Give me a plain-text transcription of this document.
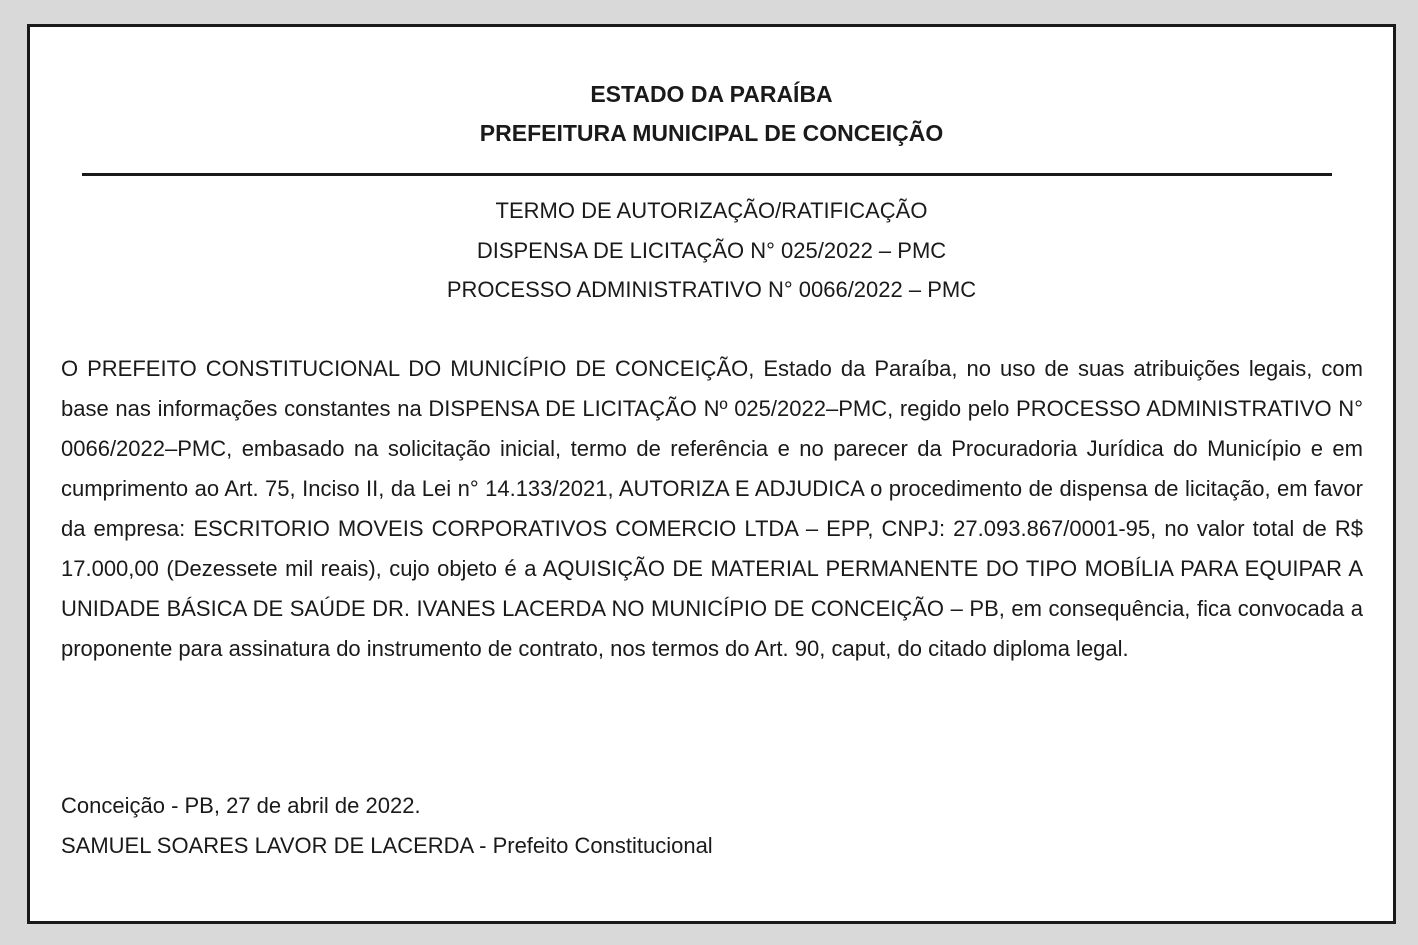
ESTADO DA PARAÍBA
PREFEITURA MUNICIPAL DE CONCEIÇÃO
TERMO DE AUTORIZAÇÃO/RATIFICAÇÃO
DISPENSA DE LICITAÇÃO N° 025/2022 – PMC
PROCESSO ADMINISTRATIVO N° 0066/2022 – PMC

O PREFEITO CONSTITUCIONAL DO MUNICÍPIO DE CONCEIÇÃO, Estado da Paraíba, no uso de suas atribuições legais, com base nas informações constantes na DISPENSA DE LICITAÇÃO Nº 025/2022–PMC, regido pelo PROCESSO ADMINISTRATIVO N° 0066/2022–PMC, embasado na solicitação inicial, termo de referência e no parecer da Procuradoria Jurídica do Município e em cumprimento ao Art. 75, Inciso II, da Lei n° 14.133/2021, AUTORIZA E ADJUDICA o procedimento de dispensa de licitação, em favor da empresa: ESCRITORIO MOVEIS CORPORATIVOS COMERCIO LTDA – EPP, CNPJ: 27.093.867/0001-95, no valor total de R$ 17.000,00 (Dezessete mil reais), cujo objeto é a AQUISIÇÃO DE MATERIAL PERMANENTE DO TIPO MOBÍLIA PARA EQUIPAR A UNIDADE BÁSICA DE SAÚDE DR. IVANES LACERDA NO MUNICÍPIO DE CONCEIÇÃO – PB, em consequência, fica convocada a proponente para assinatura do instrumento de contrato, nos termos do Art. 90, caput, do citado diploma legal.

Conceição - PB, 27 de abril de 2022.
SAMUEL SOARES LAVOR DE LACERDA - Prefeito Constitucional
